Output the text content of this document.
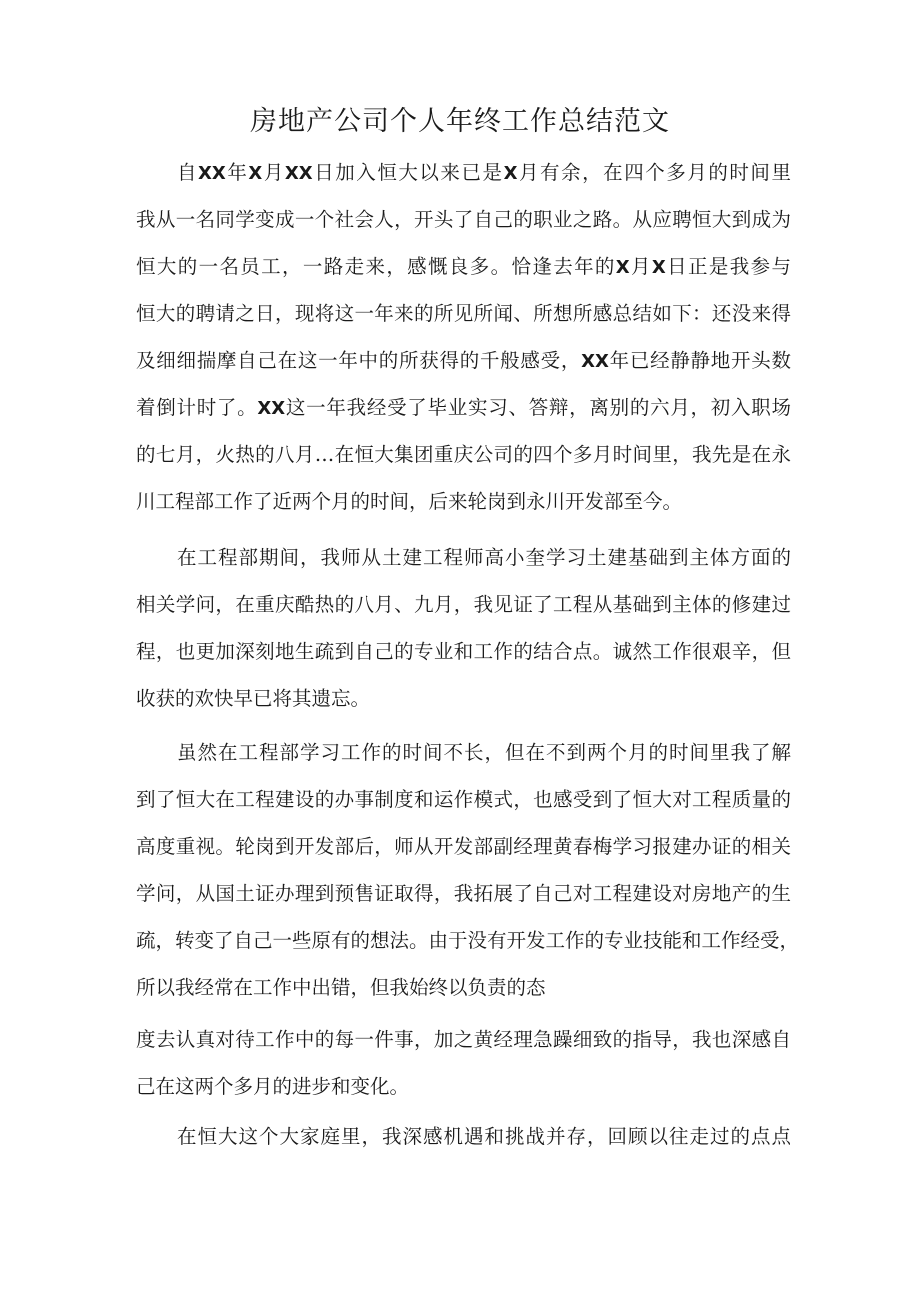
房地产公司个人年终工作总结范文

自XX年X月XX日加入恒大以来已是X月有余，在四个多月的时间里

我从一名同学变成一个社会人，开头了自己的职业之路。从应聘恒大到成为

恒大的一名员工，一路走来，感慨良多。恰逢去年的X月X日正是我参与

恒大的聘请之日，现将这一年来的所见所闻、所想所感总结如下：还没来得

及细细揣摩自己在这一年中的所获得的千般感受，XX年已经静静地开头数

着倒计时了。XX这一年我经受了毕业实习、答辩，离别的六月，初入职场

的七月，火热的八月…在恒大集团重庆公司的四个多月时间里，我先是在永

川工程部工作了近两个月的时间，后来轮岗到永川开发部至今。

在工程部期间，我师从土建工程师高小奎学习土建基础到主体方面的

相关学问，在重庆酷热的八月、九月，我见证了工程从基础到主体的修建过

程，也更加深刻地生疏到自己的专业和工作的结合点。诚然工作很艰辛，但

收获的欢快早已将其遗忘。

虽然在工程部学习工作的时间不长，但在不到两个月的时间里我了解

到了恒大在工程建设的办事制度和运作模式，也感受到了恒大对工程质量的

高度重视。轮岗到开发部后，师从开发部副经理黄春梅学习报建办证的相关

学问，从国土证办理到预售证取得，我拓展了自己对工程建设对房地产的生

疏，转变了自己一些原有的想法。由于没有开发工作的专业技能和工作经受，

所以我经常在工作中出错，但我始终以负责的态

度去认真对待工作中的每一件事，加之黄经理急躁细致的指导，我也深感自

己在这两个多月的进步和变化。

在恒大这个大家庭里，我深感机遇和挑战并存，回顾以往走过的点点
